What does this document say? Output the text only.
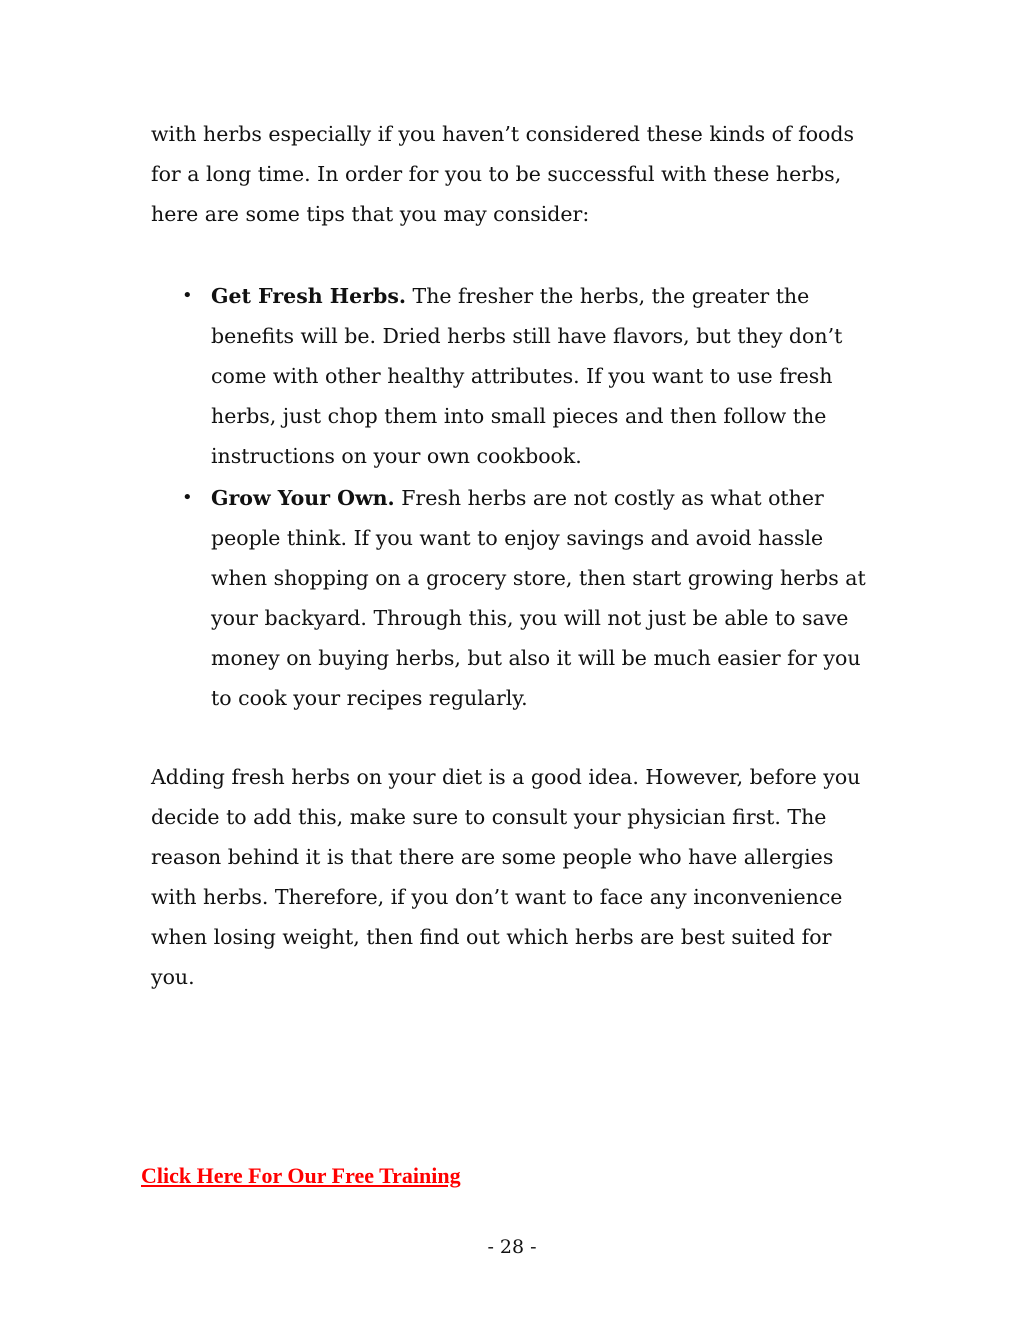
with herbs especially if you haven’t considered these kinds of foods for a long time. In order for you to be successful with these herbs, here are some tips that you may consider:

• Get Fresh Herbs. The fresher the herbs, the greater the benefits will be. Dried herbs still have flavors, but they don’t come with other healthy attributes. If you want to use fresh herbs, just chop them into small pieces and then follow the instructions on your own cookbook.
• Grow Your Own. Fresh herbs are not costly as what other people think. If you want to enjoy savings and avoid hassle when shopping on a grocery store, then start growing herbs at your backyard. Through this, you will not just be able to save money on buying herbs, but also it will be much easier for you to cook your recipes regularly.

Adding fresh herbs on your diet is a good idea. However, before you decide to add this, make sure to consult your physician first. The reason behind it is that there are some people who have allergies with herbs. Therefore, if you don’t want to face any inconvenience when losing weight, then find out which herbs are best suited for you.

Click Here For Our Free Training
- 28 -
